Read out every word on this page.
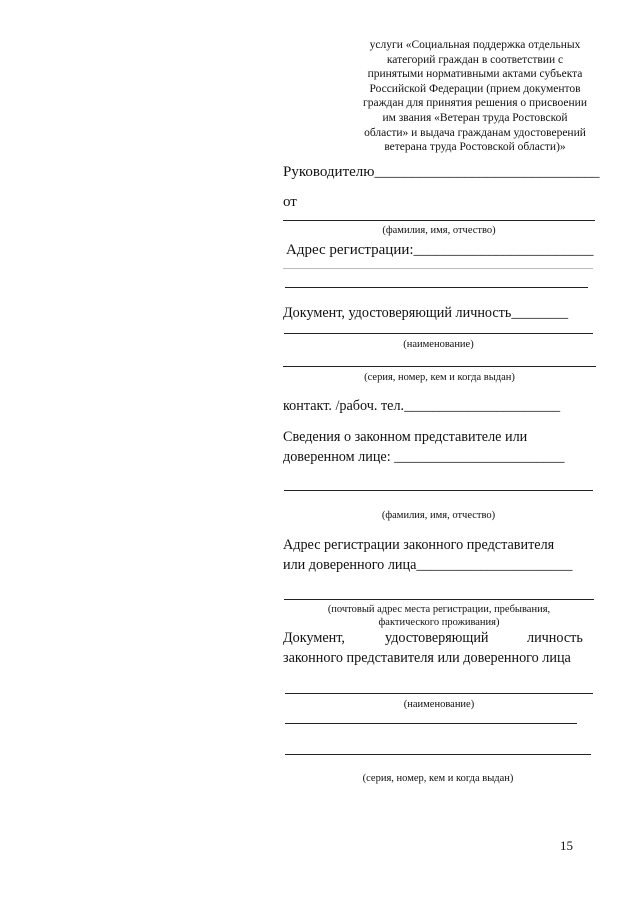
услуги «Социальная поддержка отдельных
категорий граждан в соответствии с
принятыми нормативными актами субъекта
Российской Федерации (прием документов
граждан для принятия решения о присвоении
им звания «Ветеран труда Ростовской
области» и выдача гражданам удостоверений
ветерана труда Ростовской области)»
Руководителю______________________________
от
(фамилия, имя, отчество)
Адрес регистрации:________________________
Документ, удостоверяющий личность________
(наименование)
(серия, номер, кем и когда выдан)
контакт. /рабоч. тел.______________________
Сведения о законном представителе или
доверенном лице: ________________________
(фамилия, имя, отчество)
Адрес регистрации законного представителя
или доверенного лица______________________
(почтовый адрес места регистрации, пребывания,
фактического проживания)
Документ,	удостоверяющий	личность
законного представителя или доверенного лица
(наименование)
(серия, номер, кем и когда выдан)
15
